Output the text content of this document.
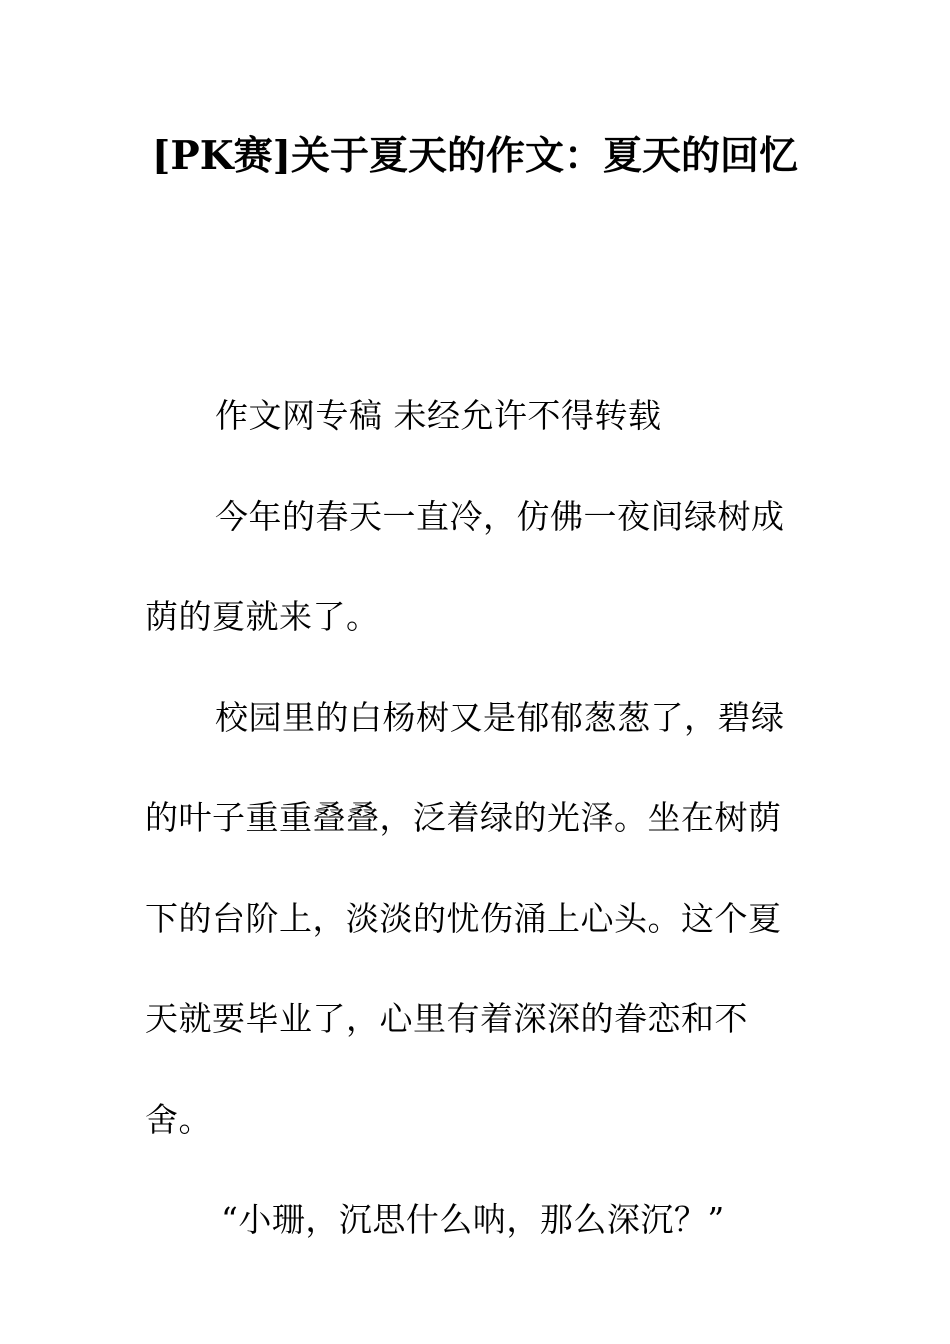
[PK赛]关于夏天的作文：夏天的回忆

作文网专稿 未经允许不得转载

今年的春天一直冷，仿佛一夜间绿树成荫的夏就来了。

校园里的白杨树又是郁郁葱葱了，碧绿的叶子重重叠叠，泛着绿的光泽。坐在树荫下的台阶上，淡淡的忧伤涌上心头。这个夏天就要毕业了，心里有着深深的眷恋和不舍。

“小珊，沉思什么呐，那么深沉？”
